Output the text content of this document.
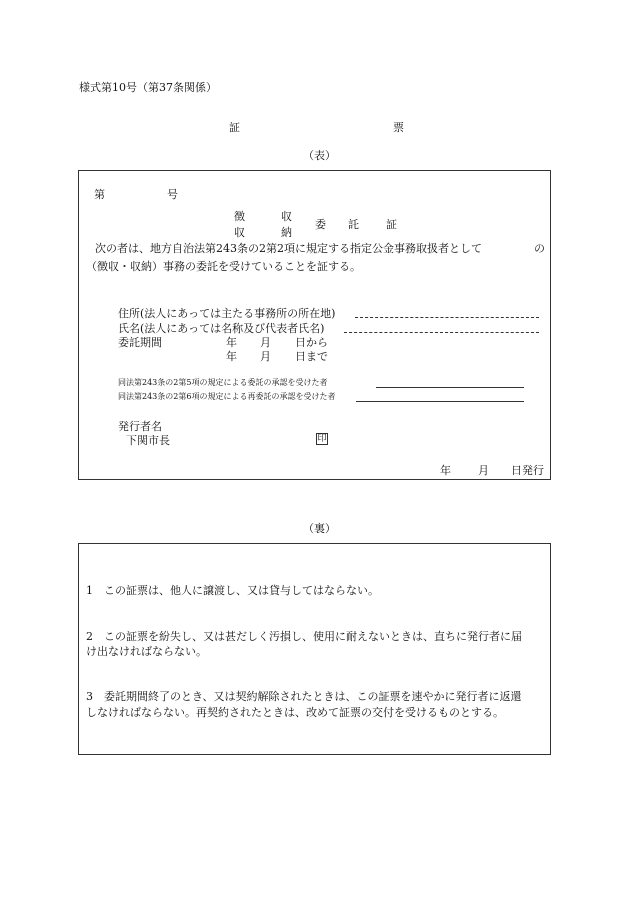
様式第10号（第37条関係）
証	票
（表）
第	号
徴	収
収	納
委 託 証
次の者は、地方自治法第243条の2第2項に規定する指定公金事務取扱者として	の
（徴収・収納）事務の委託を受けていることを証する。
住所(法人にあっては主たる事務所の所在地)
氏名(法人にあっては名称及び代表者氏名)
委託期間	年 月 日から
年 月 日まで
同法第243条の2第5項の規定による委託の承認を受けた者
同法第243条の2第6項の規定による再委託の承認を受けた者
発行者名
下関市長	印
年 月 日発行
（裏）
1　この証票は、他人に譲渡し、又は貸与してはならない。
2　この証票を紛失し、又は甚だしく汚損し、使用に耐えないときは、直ちに発行者に届
け出なければならない。
3　委託期間終了のとき、又は契約解除されたときは、この証票を速やかに発行者に返還
しなければならない。再契約されたときは、改めて証票の交付を受けるものとする。
